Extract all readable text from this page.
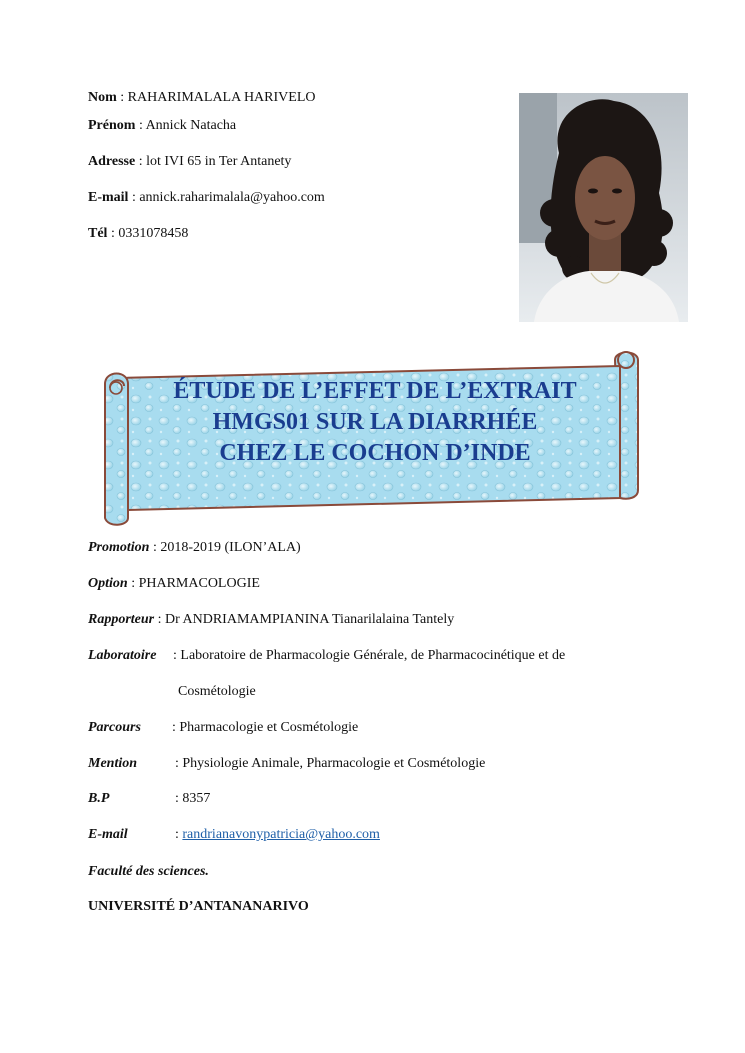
Nom : RAHARIMALALA HARIVELO
Prénom : Annick Natacha
Adresse : lot IVI 65 in Ter Antanety
E-mail : annick.raharimalala@yahoo.com
Tél : 0331078458
ÉTUDE DE L’EFFET DE L’EXTRAIT
HMGS01 SUR LA DIARRHÉE
CHEZ LE COCHON D’INDE
Promotion : 2018-2019 (ILON’ALA)
Option : PHARMACOLOGIE
Rapporteur : Dr ANDRIAMAMPIANINA Tianarilalaina Tantely
Laboratoire : Laboratoire de Pharmacologie Générale, de Pharmacocinétique et de
Cosmétologie
Parcours : Pharmacologie et Cosmétologie
Mention	: Physiologie Animale, Pharmacologie et Cosmétologie
B.P	: 8357
E-mail	: randrianavonypatricia@yahoo.com
Faculté des sciences.
UNIVERSITÉ D’ANTANANARIVO
